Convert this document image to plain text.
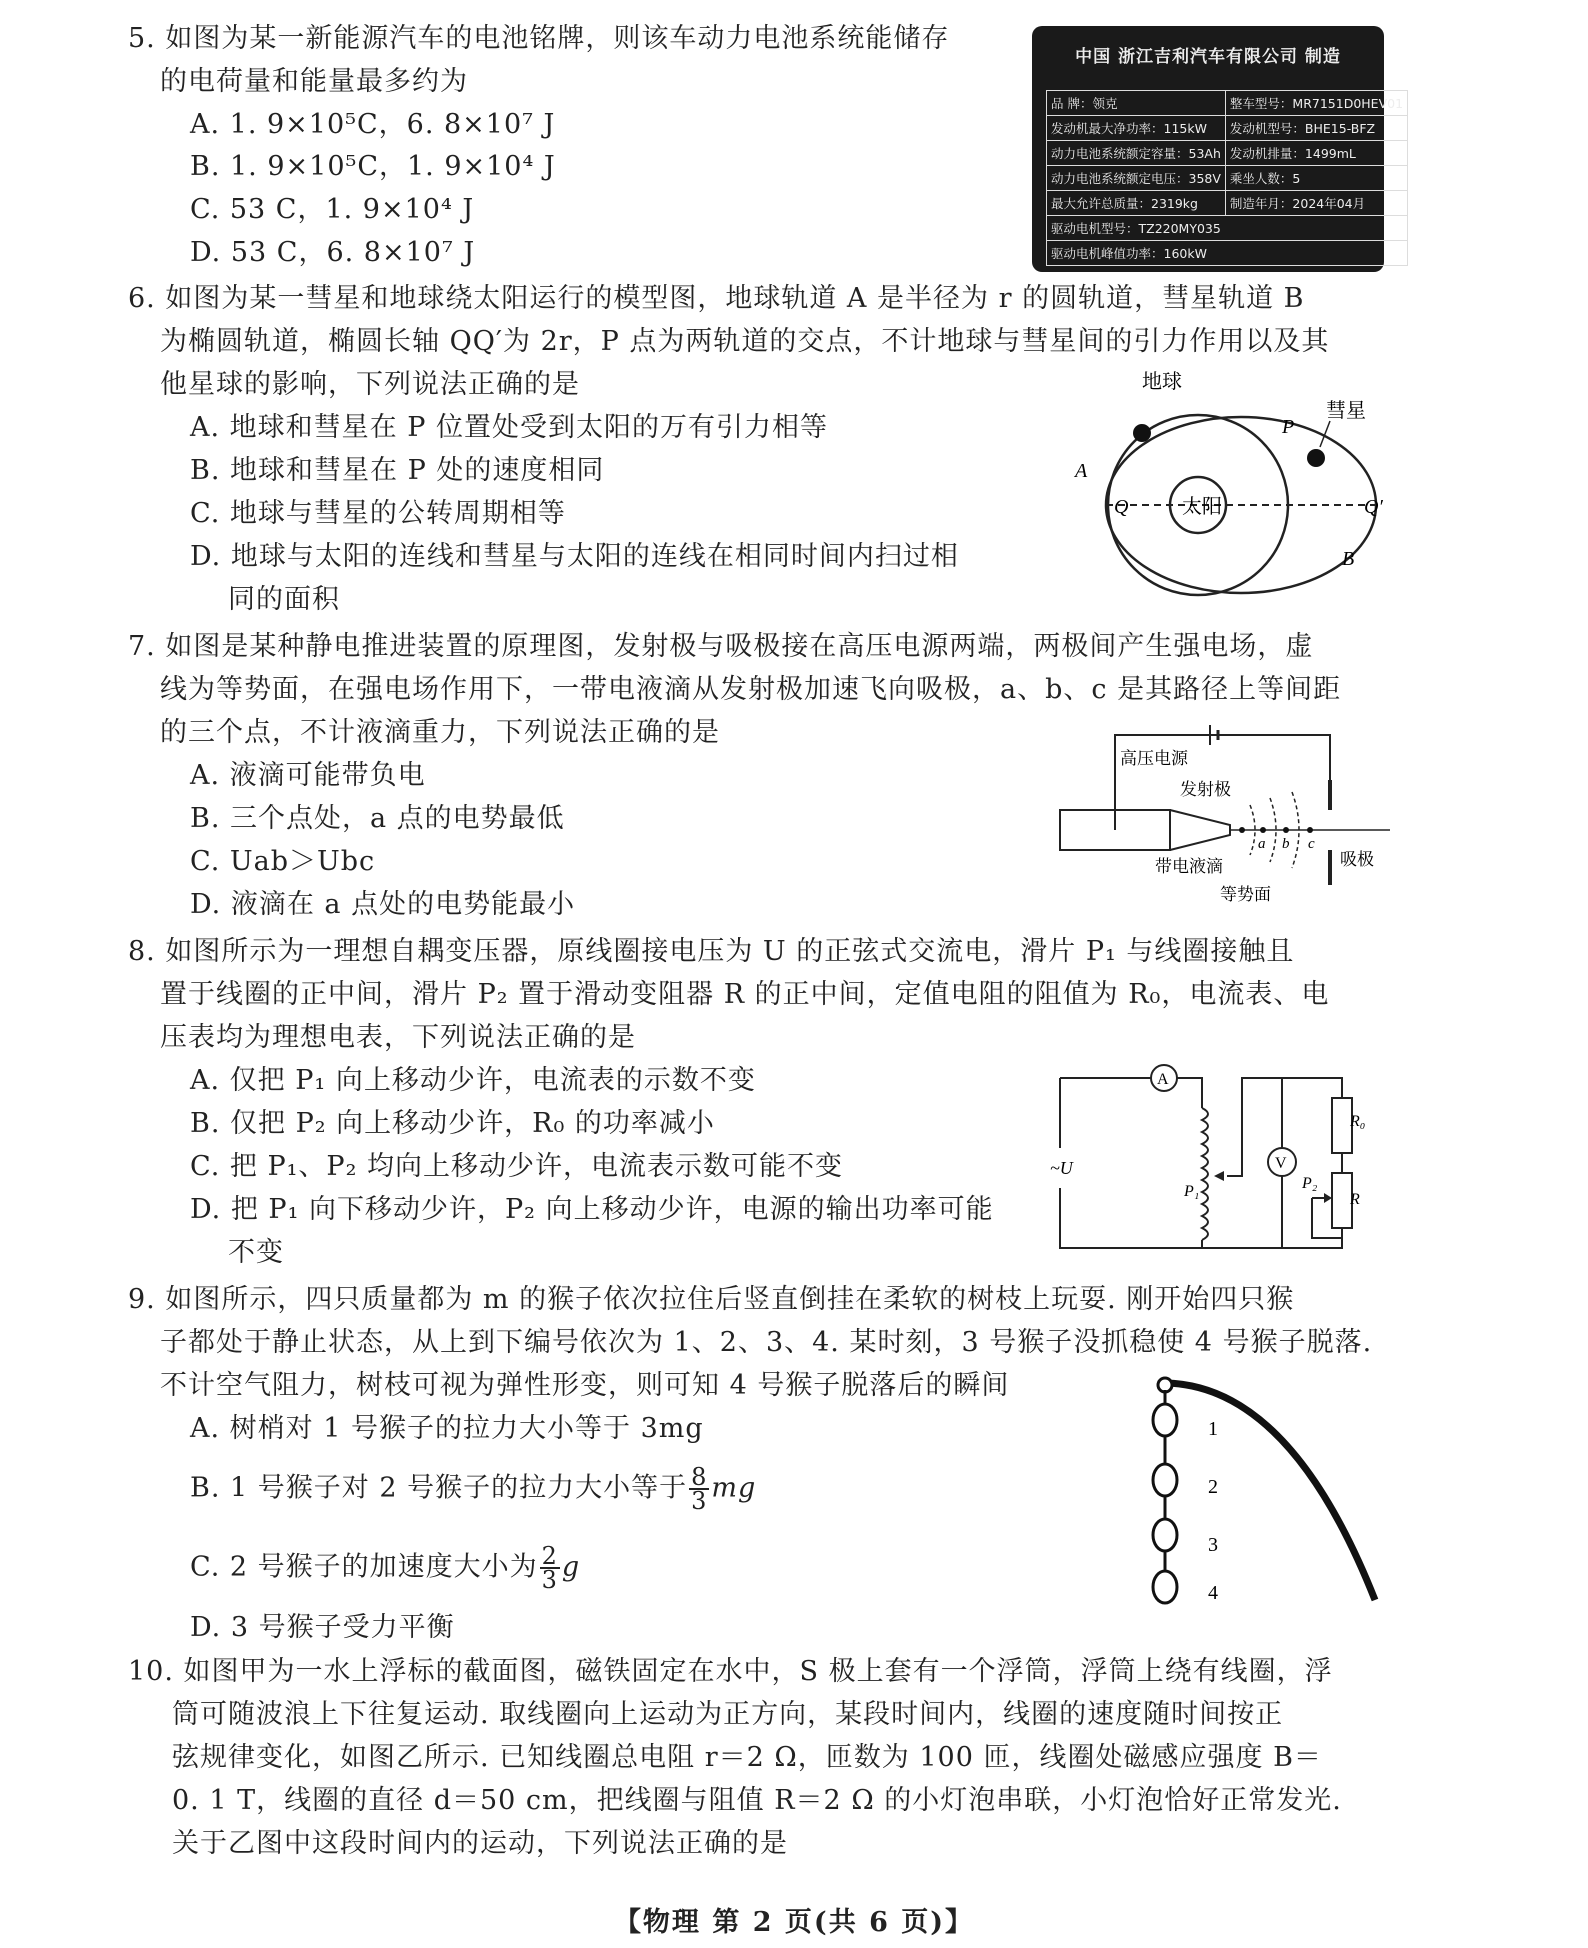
5. 如图为某一新能源汽车的电池铭牌，则该车动力电池系统能储存
的电荷量和能量最多约为
A. 1. 9×10⁵C，6. 8×10⁷ J
B. 1. 9×10⁵C，1. 9×10⁴ J
C. 53 C，1. 9×10⁴ J
D. 53 C，6. 8×10⁷ J
中国 浙江吉利汽车有限公司 制造
品 牌：领克	整车型号：MR7151D0HEV01
发动机最大净功率：115kW	发动机型号：BHE15-BFZ
动力电池系统额定容量：53Ah	发动机排量：1499mL
动力电池系统额定电压：358V	乘坐人数：5
最大允许总质量：2319kg	制造年月：2024年04月
驱动电机型号：TZ220MY035	
驱动电机峰值功率：160kW	
6. 如图为某一彗星和地球绕太阳运行的模型图，地球轨道 A 是半径为 r 的圆轨道，彗星轨道 B
为椭圆轨道，椭圆长轴 QQ′为 2r，P 点为两轨道的交点，不计地球与彗星间的引力作用以及其
他星球的影响，下列说法正确的是
A. 地球和彗星在 P 位置处受到太阳的万有引力相等
B. 地球和彗星在 P 处的速度相同
C. 地球与彗星的公转周期相等
D. 地球与太阳的连线和彗星与太阳的连线在相同时间内扫过相
同的面积
地球
彗星
太阳
A
B
P
Q	Q′
7. 如图是某种静电推进装置的原理图，发射极与吸极接在高压电源两端，两极间产生强电场，虚
线为等势面，在强电场作用下，一带电液滴从发射极加速飞向吸极，a、b、c 是其路径上等间距
的三个点，不计液滴重力，下列说法正确的是
A. 液滴可能带负电
B. 三个点处，a 点的电势最低
C. Uab＞Ubc
D. 液滴在 a 点处的电势能最小
高压电源
发射极
吸极
带电液滴
等势面
a b c
8. 如图所示为一理想自耦变压器，原线圈接电压为 U 的正弦式交流电，滑片 P₁ 与线圈接触且
置于线圈的正中间，滑片 P₂ 置于滑动变阻器 R 的正中间，定值电阻的阻值为 R₀，电流表、电
压表均为理想电表，下列说法正确的是
A. 仅把 P₁ 向上移动少许，电流表的示数不变
B. 仅把 P₂ 向上移动少许，R₀ 的功率减小
C. 把 P₁、P₂ 均向上移动少许，电流表示数可能不变
D. 把 P₁ 向下移动少许，P₂ 向上移动少许，电源的输出功率可能
不变
A
~U
P₁
V
R₀
R
P₂
9. 如图所示，四只质量都为 m 的猴子依次拉住后竖直倒挂在柔软的树枝上玩耍. 刚开始四只猴
子都处于静止状态，从上到下编号依次为 1、2、3、4. 某时刻，3 号猴子没抓稳使 4 号猴子脱落.
不计空气阻力，树枝可视为弹性形变，则可知 4 号猴子脱落后的瞬间
A. 树梢对 1 号猴子的拉力大小等于 3mg
B. 1 号猴子对 2 号猴子的拉力大小等于 $\frac{8}{3}$ mg
C. 2 号猴子的加速度大小为 $\frac{2}{3}$ g
D. 3 号猴子受力平衡
1
2
3
4
10. 如图甲为一水上浮标的截面图，磁铁固定在水中，S 极上套有一个浮筒，浮筒上绕有线圈，浮
筒可随波浪上下往复运动. 取线圈向上运动为正方向，某段时间内，线圈的速度随时间按正
弦规律变化，如图乙所示. 已知线圈总电阻 r＝2 Ω，匝数为 100 匝，线圈处磁感应强度 B＝
0. 1 T，线圈的直径 d＝50 cm，把线圈与阻值 R＝2 Ω 的小灯泡串联，小灯泡恰好正常发光.
关于乙图中这段时间内的运动，下列说法正确的是
【物理 第 2 页(共 6 页)】
